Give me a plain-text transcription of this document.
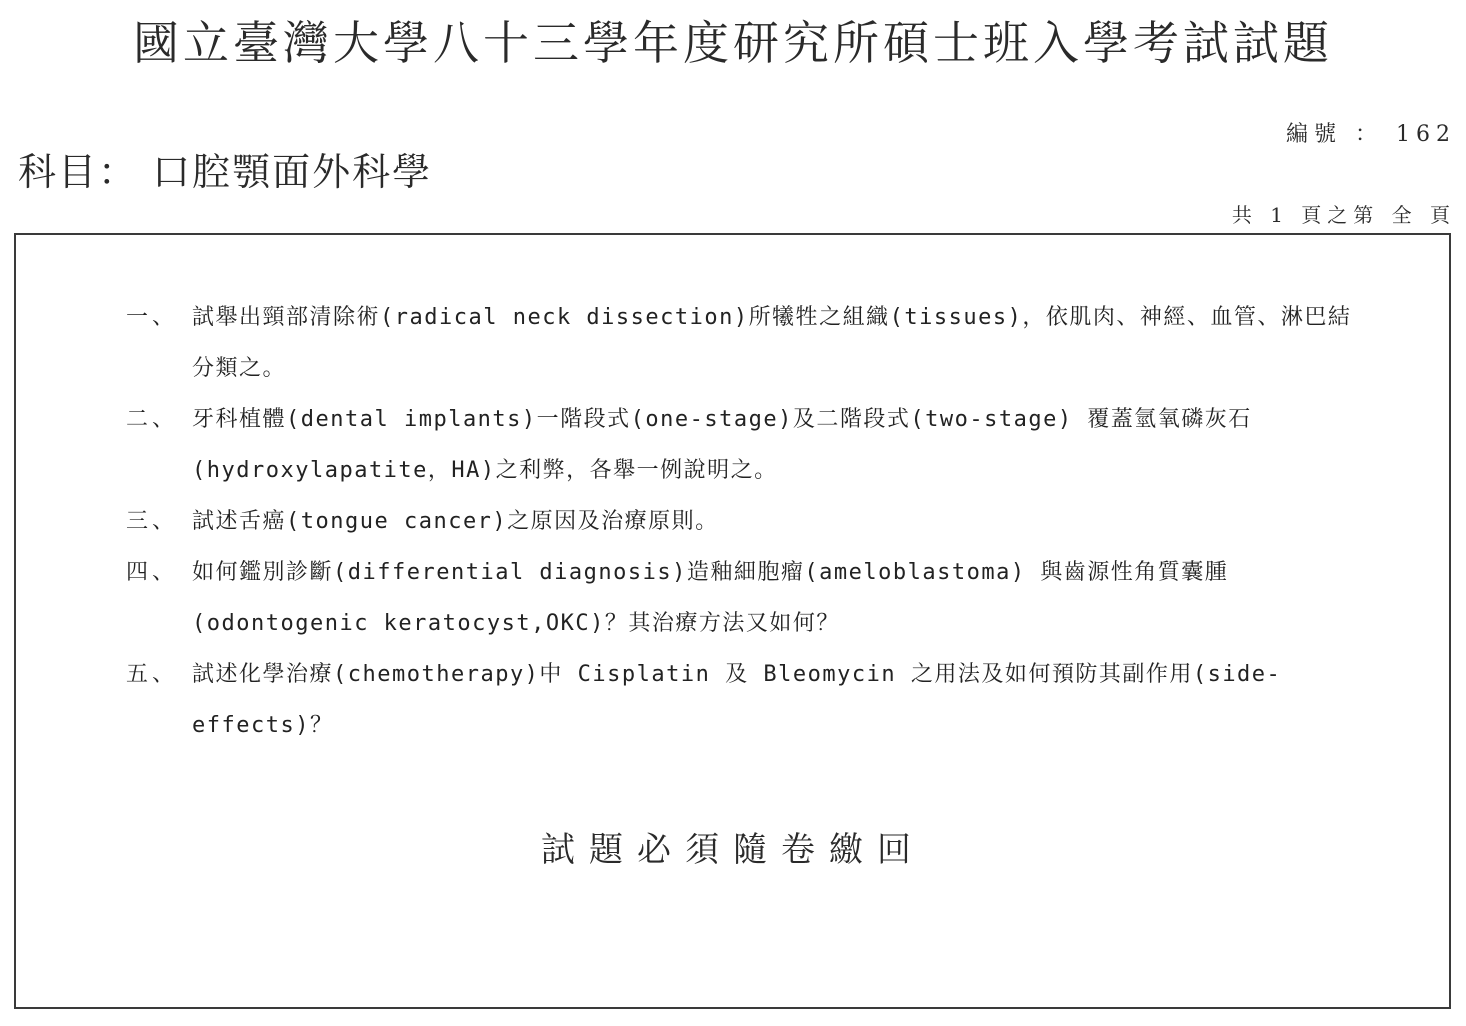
國立臺灣大學八十三學年度研究所碩士班入學考試試題
編號 ： 162
科目： 口腔顎面外科學
共 1 頁之第 全 頁
一、 試舉出頸部清除術(radical neck dissection)所犧牲之組織(tissues)，依肌肉、神經、血管、淋巴結分類之。
二、 牙科植體(dental implants)一階段式(one-stage)及二階段式(two-stage) 覆蓋氫氧磷灰石(hydroxylapatite，HA)之利弊，各舉一例說明之。
三、 試述舌癌(tongue cancer)之原因及治療原則。
四、 如何鑑別診斷(differential diagnosis)造釉細胞瘤(ameloblastoma) 與齒源性角質囊腫(odontogenic keratocyst,OKC)？其治療方法又如何？
五、 試述化學治療(chemotherapy)中 Cisplatin 及 Bleomycin 之用法及如何預防其副作用(side-effects)？
試題必須隨卷繳回
